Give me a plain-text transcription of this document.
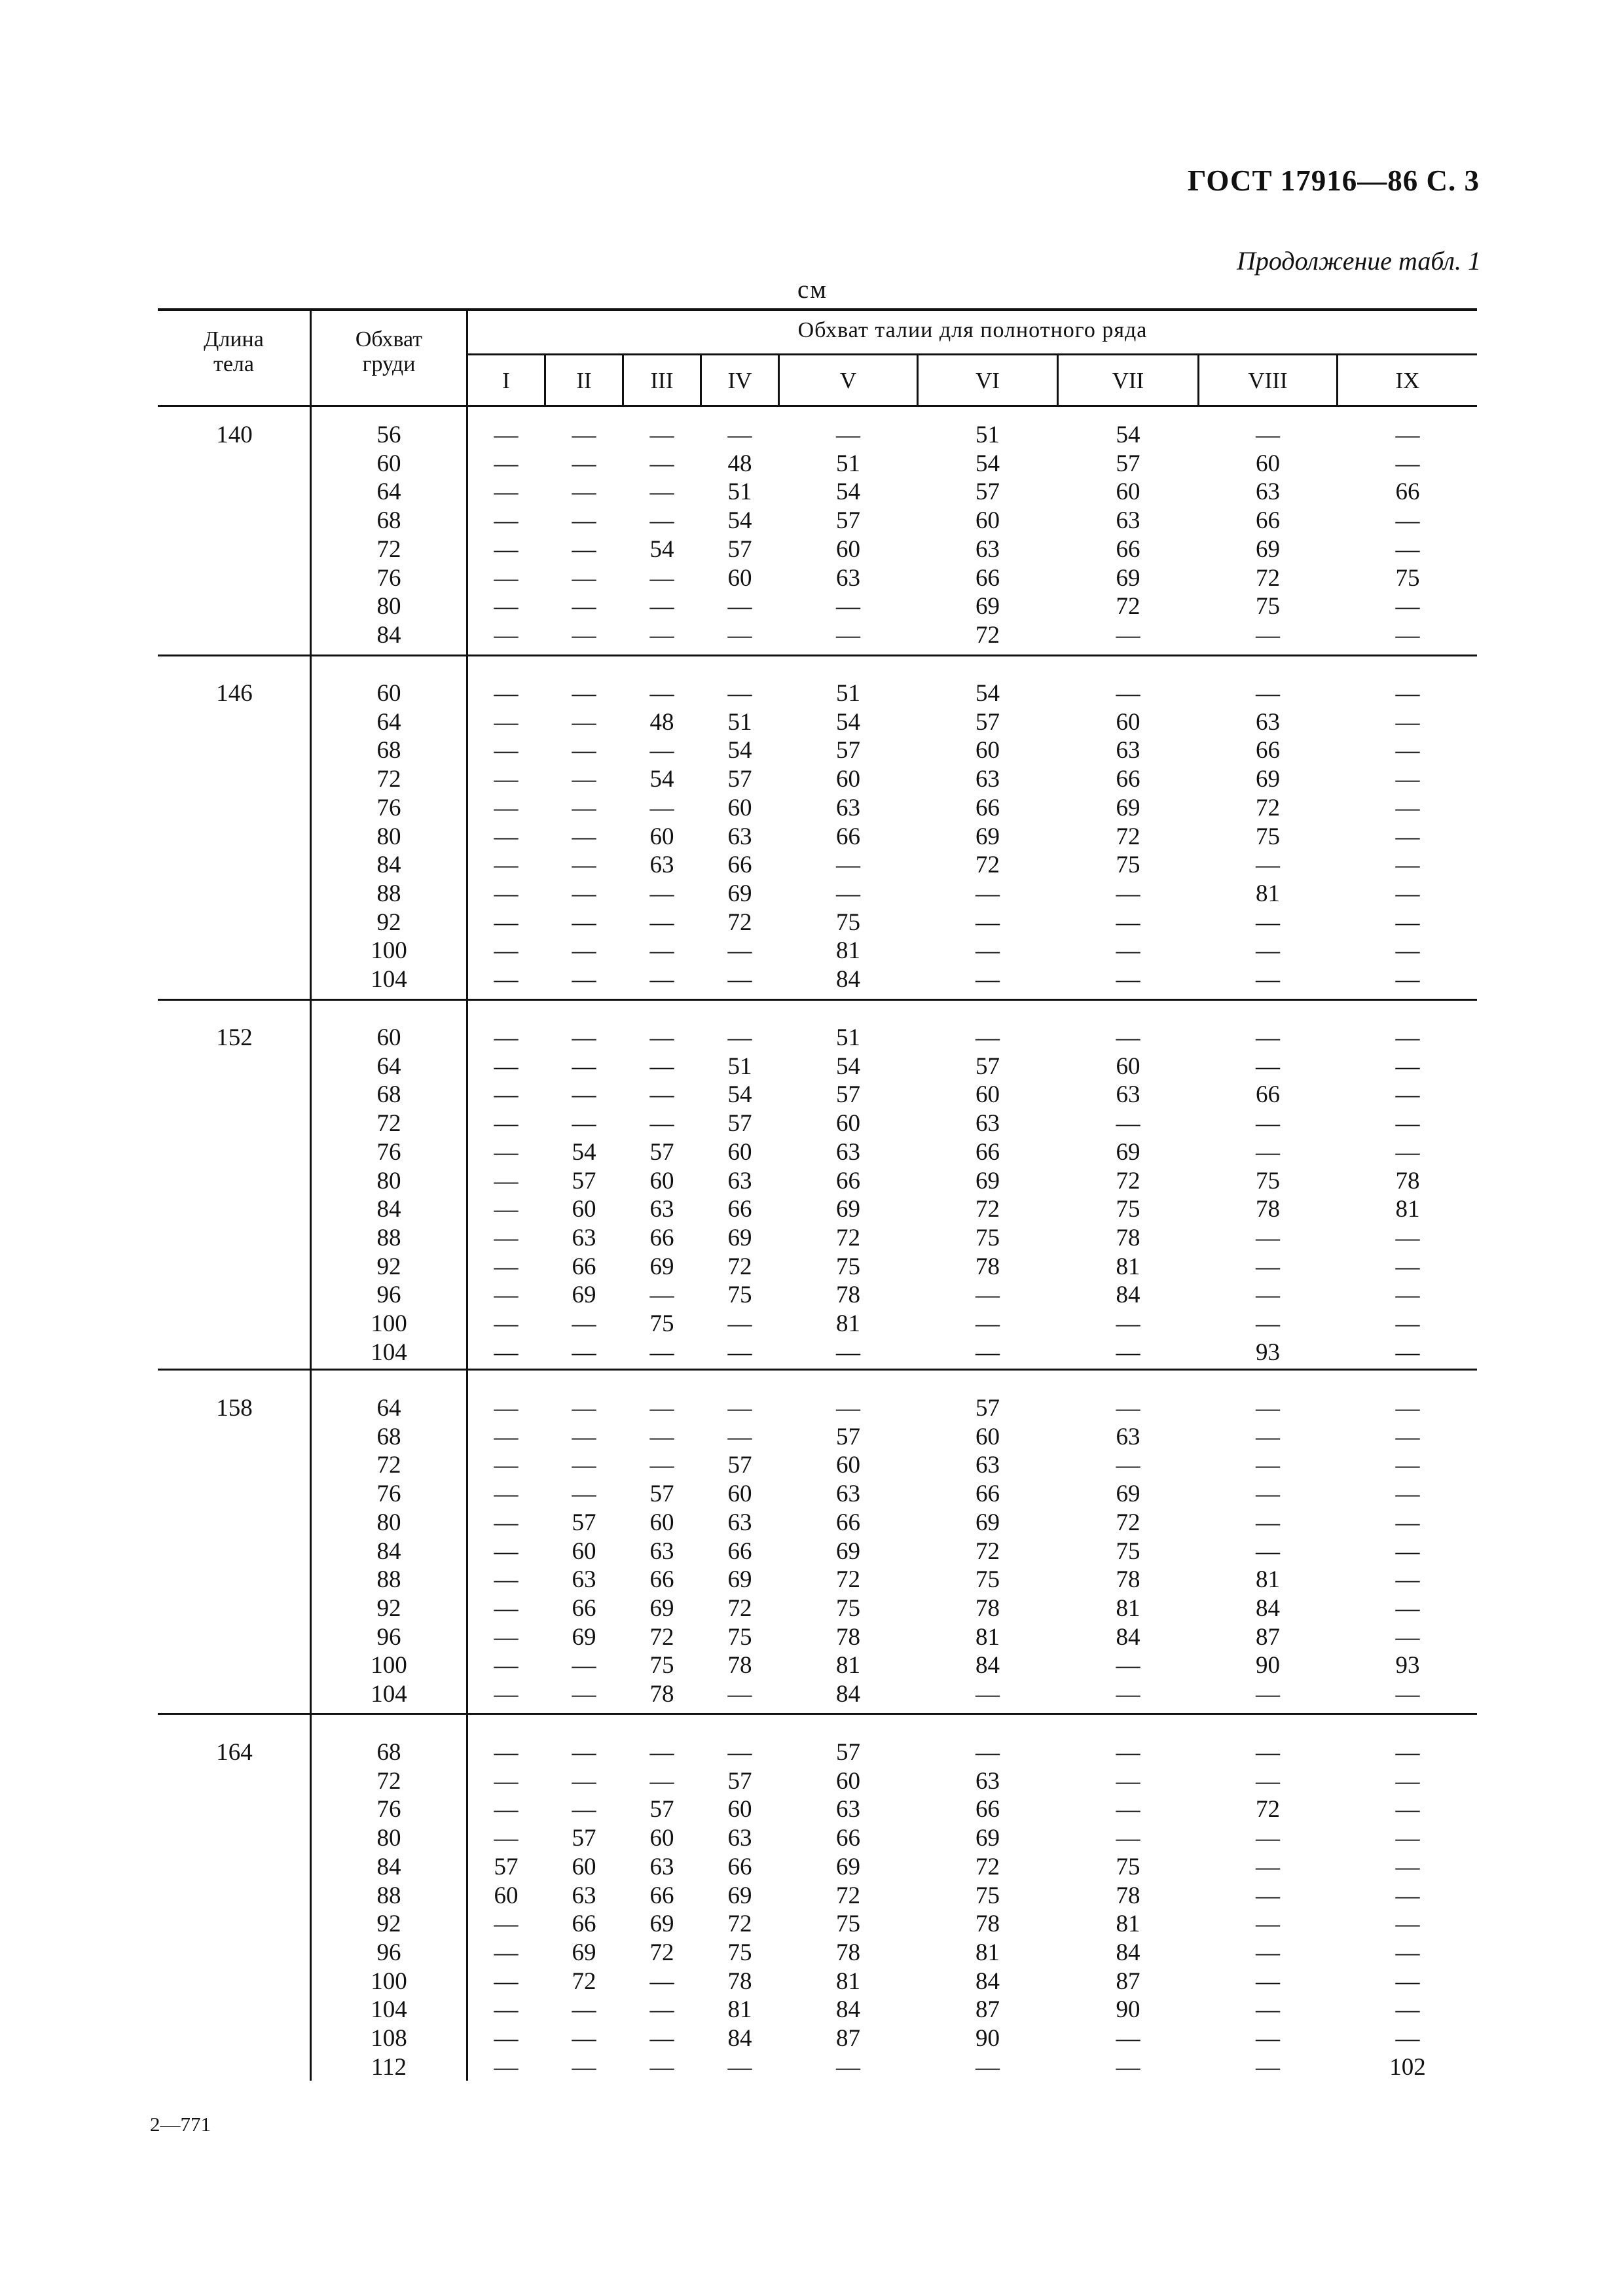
ГОСТ 17916—86 С. 3
Продолжение табл. 1
см
Длина
тела
Обхват
груди
Обхват талии для полнотного ряда
I	II	III	IV	V	VI	VII	VIII	IX
140	56	—	—	—	—	—	51	54	—	—
60	—	—	—	48	51	54	57	60	—
64	—	—	—	51	54	57	60	63	66
68	—	—	—	54	57	60	63	66	—
72	—	—	54	57	60	63	66	69	—
76	—	—	—	60	63	66	69	72	75
80	—	—	—	—	—	69	72	75	—
84	—	—	—	—	—	72	—	—	—
146	60	—	—	—	—	51	54	—	—	—
64	—	—	48	51	54	57	60	63	—
68	—	—	—	54	57	60	63	66	—
72	—	—	54	57	60	63	66	69	—
76	—	—	—	60	63	66	69	72	—
80	—	—	60	63	66	69	72	75	—
84	—	—	63	66	—	72	75	—	—
88	—	—	—	69	—	—	—	81	—
92	—	—	—	72	75	—	—	—	—
100	—	—	—	—	81	—	—	—	—
104	—	—	—	—	84	—	—	—	—
152	60	—	—	—	—	51	—	—	—	—
64	—	—	—	51	54	57	60	—	—
68	—	—	—	54	57	60	63	66	—
72	—	—	—	57	60	63	—	—	—
76	—	54	57	60	63	66	69	—	—
80	—	57	60	63	66	69	72	75	78
84	—	60	63	66	69	72	75	78	81
88	—	63	66	69	72	75	78	—	—
92	—	66	69	72	75	78	81	—	—
96	—	69	—	75	78	—	84	—	—
100	—	—	75	—	81	—	—	—	—
104	—	—	—	—	—	—	—	93	—
158	64	—	—	—	—	—	57	—	—	—
68	—	—	—	—	57	60	63	—	—
72	—	—	—	57	60	63	—	—	—
76	—	—	57	60	63	66	69	—	—
80	—	57	60	63	66	69	72	—	—
84	—	60	63	66	69	72	75	—	—
88	—	63	66	69	72	75	78	81	—
92	—	66	69	72	75	78	81	84	—
96	—	69	72	75	78	81	84	87	—
100	—	—	75	78	81	84	—	90	93
104	—	—	78	—	84	—	—	—	—
164	68	—	—	—	—	57	—	—	—	—
72	—	—	—	57	60	63	—	—	—
76	—	—	57	60	63	66	—	72	—
80	—	57	60	63	66	69	—	—	—
84	57	60	63	66	69	72	75	—	—
88	60	63	66	69	72	75	78	—	—
92	—	66	69	72	75	78	81	—	—
96	—	69	72	75	78	81	84	—	—
100	—	72	—	78	81	84	87	—	—
104	—	—	—	81	84	87	90	—	—
108	—	—	—	84	87	90	—	—	—
112	—	—	—	—	—	—	—	—	102
2—771
